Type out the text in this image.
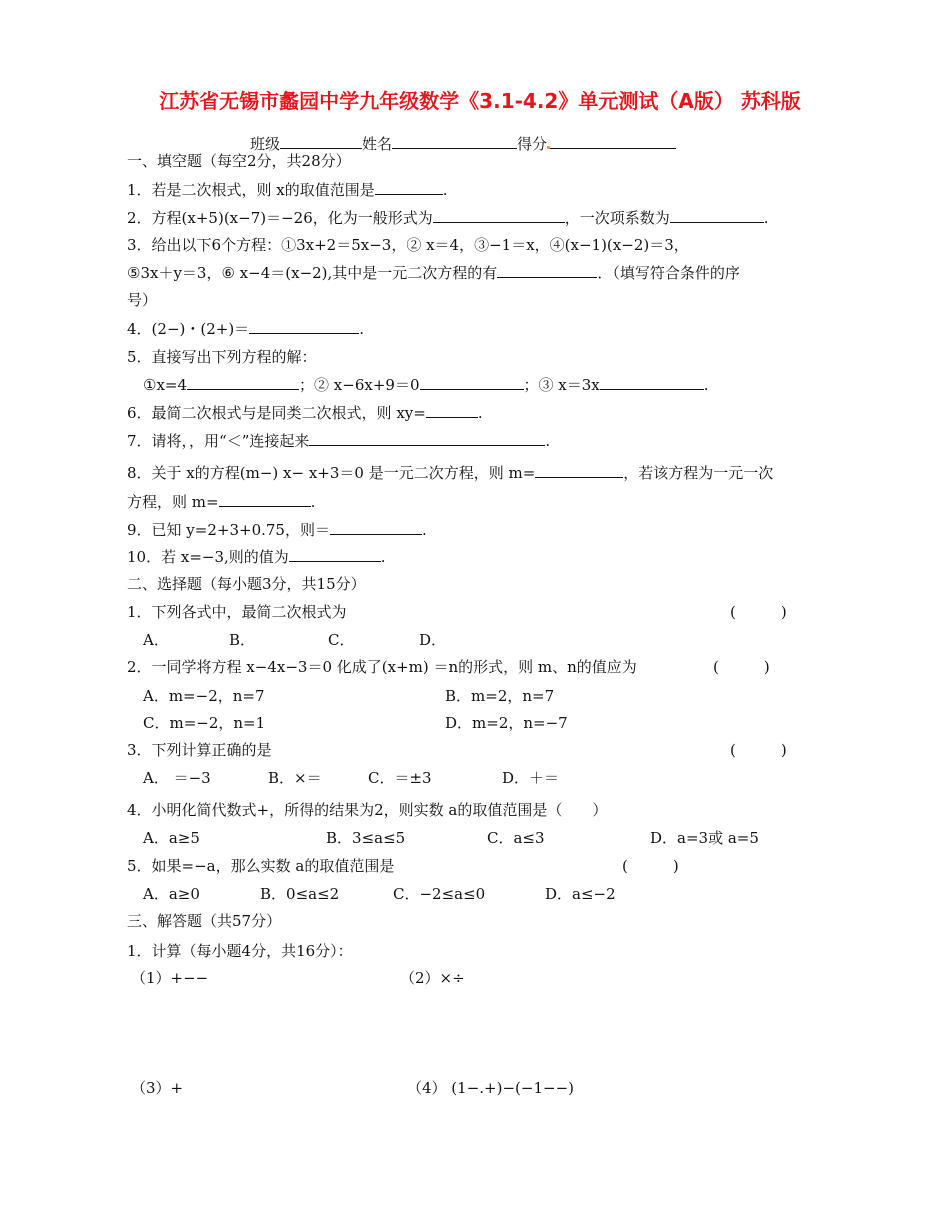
江苏省无锡市蠡园中学九年级数学《3.1-4.2》单元测试（A版） 苏科版
班级	姓名	得分
一、填空题（每空2分，共28分）
1．若是二次根式，则 x的取值范围是	.
2．方程(x+5)(x−7)＝−26，化为一般形式为	，一次项系数为	.
3．给出以下6个方程：①3x+2＝5x−3，② x＝4，③−1＝x，④(x−1)(x−2)＝3，
⑤3x＋y＝3，⑥ x−4＝(x−2),其中是一元二次方程的有	．（填写符合条件的序
号）
4．(2−)・(2+)＝	.
5．直接写出下列方程的解：
①x=4	；② x−6x+9＝0	；③ x＝3x	.
6．最简二次根式与是同类二次根式，则 xy=	.
7．请将，，用“＜”连接起来	.
8．关于 x的方程(m−) x− x+3＝0 是一元二次方程，则 m=	，若该方程为一元一次
方程，则 m=	.
9．已知 y=2+3+0.75，则＝	.
10．若 x=−3,则的值为	.
二、选择题（每小题3分，共15分）
1．下列各式中，最简二次根式为	(　　　)
A．	B．	C．	D．
2．一同学将方程 x−4x−3＝0 化成了(x+m) ＝n的形式，则 m、n的值应为	(　　　)
A．m=−2，n=7	B．m=2，n=7
C．m=−2，n=1	D．m=2，n=−7
3．下列计算正确的是	(　　　)
A． ＝−3	B．×＝	C．＝±3	D．＋＝
4．小明化简代数式+，所得的结果为2，则实数 a的取值范围是（　　）
A．a≥5	B．3≤a≤5	C．a≤3	D．a=3或 a=5
5．如果=−a，那么实数 a的取值范围是	(　　　)
A．a≥0	B．0≤a≤2	C．−2≤a≤0	D．a≤−2
三、解答题（共57分）
1．计算（每小题4分，共16分）：
（1）+−−	（2）×÷
（3）+	（4） (1−.+)−(−1−−)
